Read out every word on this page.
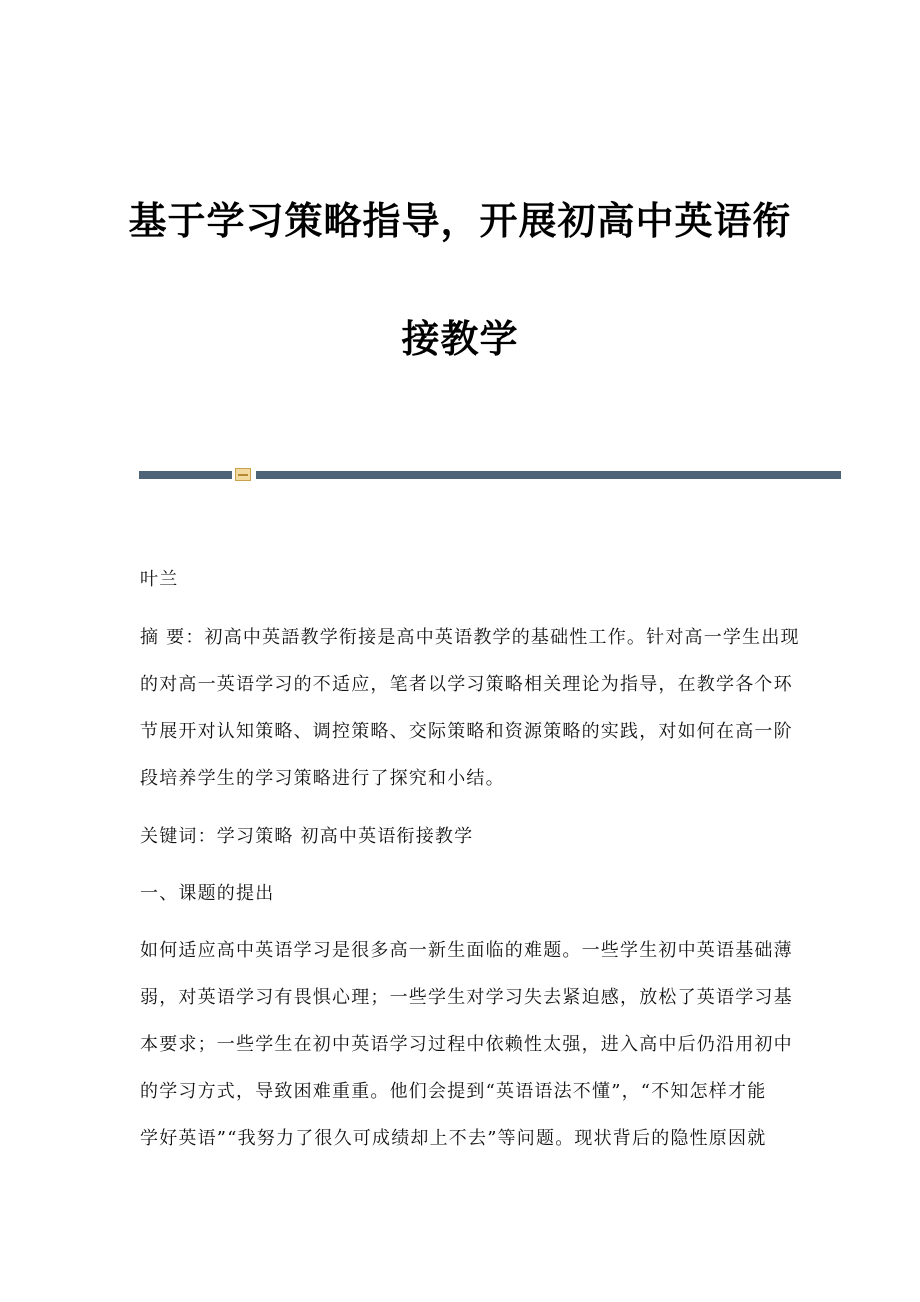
基于学习策略指导，开展初高中英语衔
接教学
叶兰
摘 要：初高中英語教学衔接是高中英语教学的基础性工作。针对高一学生出现
的对高一英语学习的不适应，笔者以学习策略相关理论为指导，在教学各个环
节展开对认知策略、调控策略、交际策略和资源策略的实践，对如何在高一阶
段培养学生的学习策略进行了探究和小结。
关键词：学习策略 初高中英语衔接教学
一、课题的提出
如何适应高中英语学习是很多高一新生面临的难题。一些学生初中英语基础薄
弱，对英语学习有畏惧心理；一些学生对学习失去紧迫感，放松了英语学习基
本要求；一些学生在初中英语学习过程中依赖性太强，进入高中后仍沿用初中
的学习方式，导致困难重重。他们会提到“英语语法不懂”，“不知怎样才能
学好英语”“我努力了很久可成绩却上不去”等问题。现状背后的隐性原因就
